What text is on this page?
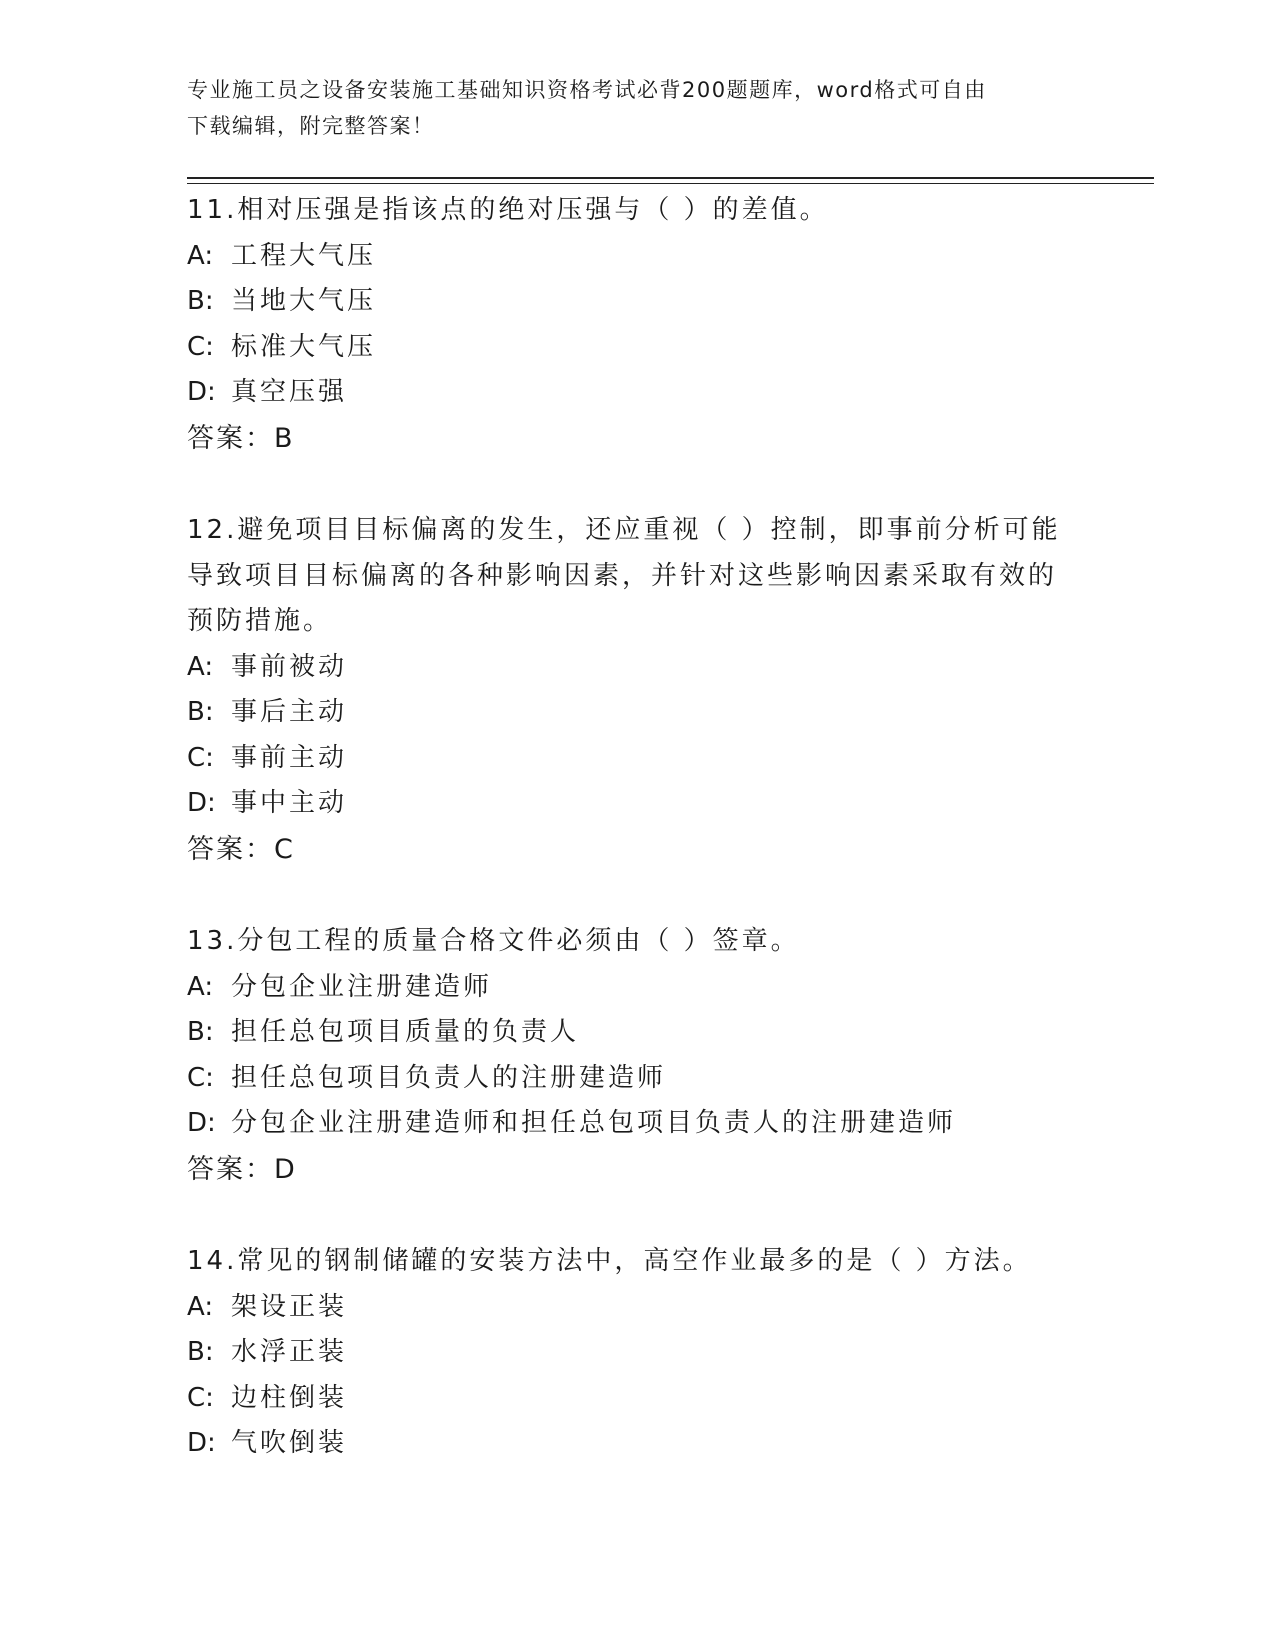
专业施工员之设备安装施工基础知识资格考试必背200题题库，word格式可自由
下载编辑，附完整答案！
11.相对压强是指该点的绝对压强与（ ）的差值。
A: 工程大气压
B: 当地大气压
C: 标准大气压
D: 真空压强
答案：B
12.避免项目目标偏离的发生，还应重视（ ）控制，即事前分析可能
导致项目目标偏离的各种影响因素，并针对这些影响因素采取有效的
预防措施。
A: 事前被动
B: 事后主动
C: 事前主动
D: 事中主动
答案：C
13.分包工程的质量合格文件必须由（ ）签章。
A: 分包企业注册建造师
B: 担任总包项目质量的负责人
C: 担任总包项目负责人的注册建造师
D: 分包企业注册建造师和担任总包项目负责人的注册建造师
答案：D
14.常见的钢制储罐的安装方法中，高空作业最多的是（ ）方法。
A: 架设正装
B: 水浮正装
C: 边柱倒装
D: 气吹倒装
